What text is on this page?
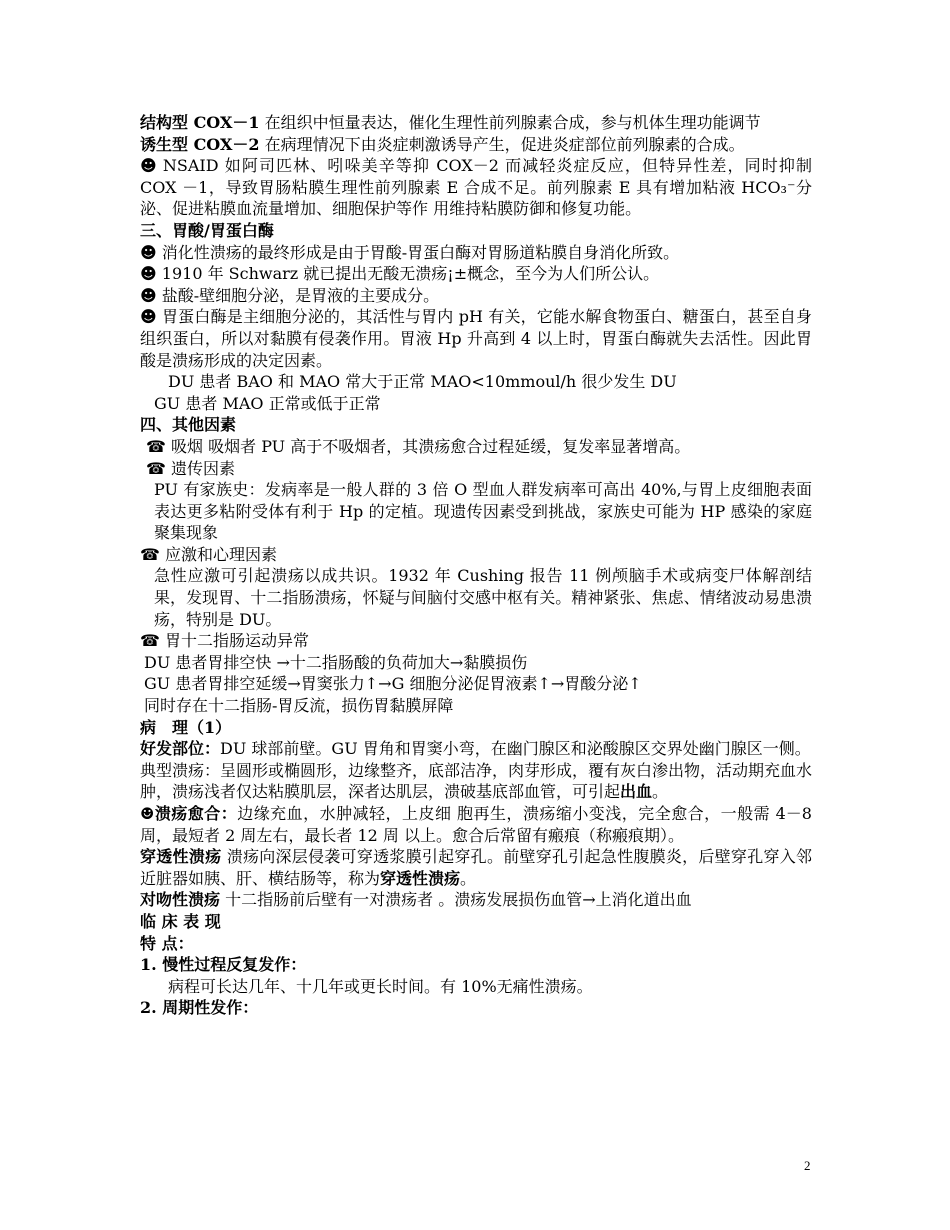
结构型 COX－1 在组织中恒量表达，催化生理性前列腺素合成，参与机体生理功能调节

诱生型 COX－2 在病理情况下由炎症刺激诱导产生，促进炎症部位前列腺素的合成。

☻ NSAID 如阿司匹林、吲哚美辛等抑 COX－2 而减轻炎症反应，但特异性差，同时抑制 COX －1，导致胃肠粘膜生理性前列腺素 E 合成不足。前列腺素 E 具有增加粘液 HCO₃⁻分泌、促进粘膜血流量增加、细胞保护等作 用维持粘膜防御和修复功能。

三、胃酸/胃蛋白酶

☻ 消化性溃疡的最终形成是由于胃酸-胃蛋白酶对胃肠道粘膜自身消化所致。

☻ 1910 年 Schwarz 就已提出无酸无溃疡¡±概念，至今为人们所公认。

☻ 盐酸-壁细胞分泌，是胃液的主要成分。

☻ 胃蛋白酶是主细胞分泌的，其活性与胃内 pH 有关，它能水解食物蛋白、糖蛋白，甚至自身组织蛋白，所以对黏膜有侵袭作用。胃液 Hp 升高到 4 以上时，胃蛋白酶就失去活性。因此胃酸是溃疡形成的决定因素。

DU 患者 BAO 和 MAO 常大于正常 MAO<10mmoul/h 很少发生 DU

GU 患者 MAO 正常或低于正常

四、其他因素

☎ 吸烟 吸烟者 PU 高于不吸烟者，其溃疡愈合过程延缓，复发率显著增高。

☎ 遗传因素

PU 有家族史：发病率是一般人群的 3 倍 O 型血人群发病率可高出 40%,与胃上皮细胞表面表达更多粘附受体有利于 Hp 的定植。现遗传因素受到挑战，家族史可能为 HP 感染的家庭聚集现象

☎ 应激和心理因素

急性应激可引起溃疡以成共识。1932 年 Cushing 报告 11 例颅脑手术或病变尸体解剖结果，发现胃、十二指肠溃疡，怀疑与间脑付交感中枢有关。精神紧张、焦虑、情绪波动易患溃疡，特别是 DU。

☎ 胃十二指肠运动异常

DU 患者胃排空快 →十二指肠酸的负荷加大→黏膜损伤

GU 患者胃排空延缓→胃窦张力↑→G 细胞分泌促胃液素↑→胃酸分泌↑

同时存在十二指肠-胃反流，损伤胃黏膜屏障

病　理（1）

好发部位：DU 球部前壁。GU 胃角和胃窦小弯，在幽门腺区和泌酸腺区交界处幽门腺区一侧。

典型溃疡：呈圆形或椭圆形，边缘整齐，底部洁净，肉芽形成，覆有灰白渗出物，活动期充血水肿，溃疡浅者仅达粘膜肌层，深者达肌层，溃破基底部血管，可引起出血。

☻溃疡愈合：边缘充血，水肿减轻，上皮细 胞再生，溃疡缩小变浅，完全愈合，一般需 4－8 周，最短者 2 周左右，最长者 12 周 以上。愈合后常留有瘢痕（称瘢痕期）。

穿透性溃疡 溃疡向深层侵袭可穿透浆膜引起穿孔。前壁穿孔引起急性腹膜炎，后壁穿孔穿入邻近脏器如胰、肝、横结肠等，称为穿透性溃疡。

对吻性溃疡 十二指肠前后壁有一对溃疡者 。溃疡发展损伤血管→上消化道出血

临 床 表 现

特 点：

1. 慢性过程反复发作：

病程可长达几年、十几年或更长时间。有 10%无痛性溃疡。

2. 周期性发作：

2
